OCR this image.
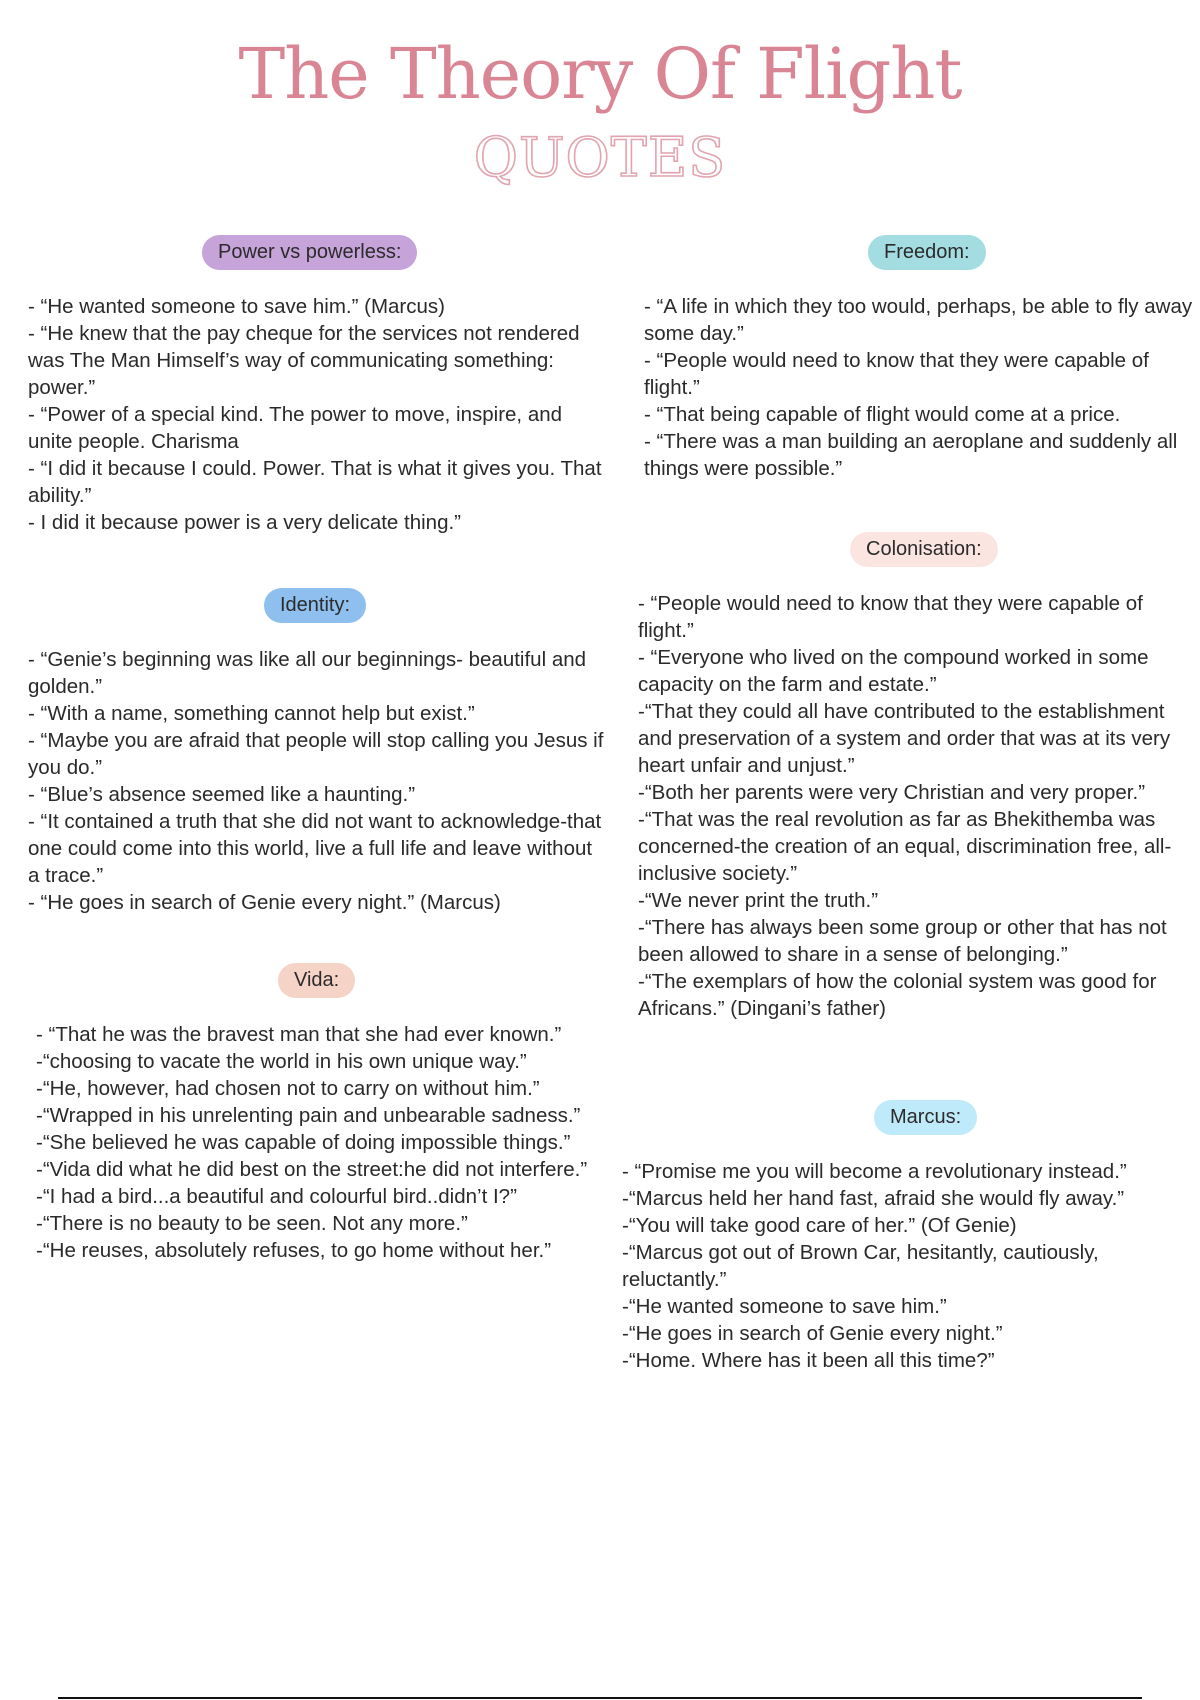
The Theory Of Flight
QUOTES
Power vs powerless:
- “He wanted someone to save him.” (Marcus)
- “He knew that the pay cheque for the services not rendered was The Man Himself’s way of communicating something: power.”
- “Power of a special kind. The power to move, inspire, and unite people. Charisma
- “I did it because I could. Power. That is what it gives you. That ability.”
- I did it because power is a very delicate thing.”
Freedom:
- “A life in which they too would, perhaps, be able to fly away some day.”
- “People would need to know that they were capable of flight.”
- “That being capable of flight would come at a price.
- “There was a man building an aeroplane and suddenly all things were possible.”
Identity:
- “Genie’s beginning was like all our beginnings- beautiful and golden.”
- “With a name, something cannot help but exist.”
- “Maybe you are afraid that people will stop calling you Jesus if you do.”
- “Blue’s absence seemed like a haunting.”
- “It contained a truth that she did not want to acknowledge-that one could come into this world, live a full life and leave without a trace.”
- “He goes in search of Genie every night.” (Marcus)
Colonisation:
- “People would need to know that they were capable of flight.”
- “Everyone who lived on the compound worked in some capacity on the farm and estate.”
-“That they could all have contributed to the establishment and preservation of a system and order that was at its very heart unfair and unjust.”
-“Both her parents were very Christian and very proper.”
-“That was the real revolution as far as Bhekithemba was concerned-the creation of an equal, discrimination free, all-inclusive society.”
-“We never print the truth.”
-“There has always been some group or other that has not been allowed to share in a sense of belonging.”
-“The exemplars of how the colonial system was good for Africans.” (Dingani’s father)
Vida:
- “That he was the bravest man that she had ever known.”
-“choosing to vacate the world in his own unique way.”
-“He, however, had chosen not to carry on without him.”
-“Wrapped in his unrelenting pain and unbearable sadness.”
-“She believed he was capable of doing impossible things.”
-“Vida did what he did best on the street:he did not interfere.”
-“I had a bird...a beautiful and colourful bird..didn’t I?”
-“There is no beauty to be seen. Not any more.”
-“He reuses, absolutely refuses, to go home without her.”
Marcus:
- “Promise me you will become a revolutionary instead.”
-“Marcus held her hand fast, afraid she would fly away.”
-“You will take good care of her.” (Of Genie)
-“Marcus got out of Brown Car, hesitantly, cautiously, reluctantly.”
-“He wanted someone to save him.”
-“He goes in search of Genie every night.”
-“Home. Where has it been all this time?”
